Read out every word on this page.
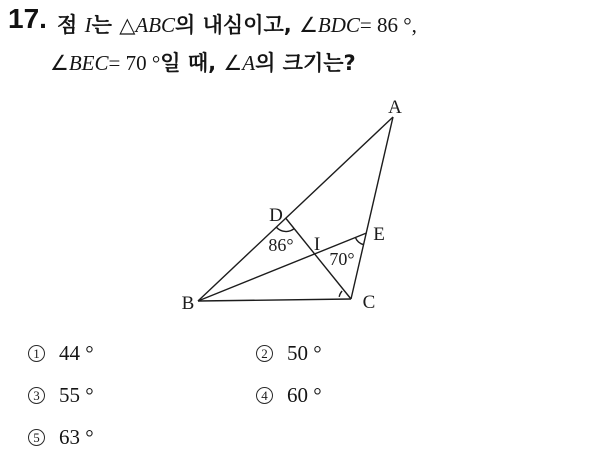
17. 점 I는 △ABC의 내심이고, ∠BDC= 86 °,
∠BEC= 70 °일 때, ∠A의 크기는?
A
B	C
D
E
I
86°
70°
1 44 °	2 50 °
3 55 °	4 60 °
5 63 °
